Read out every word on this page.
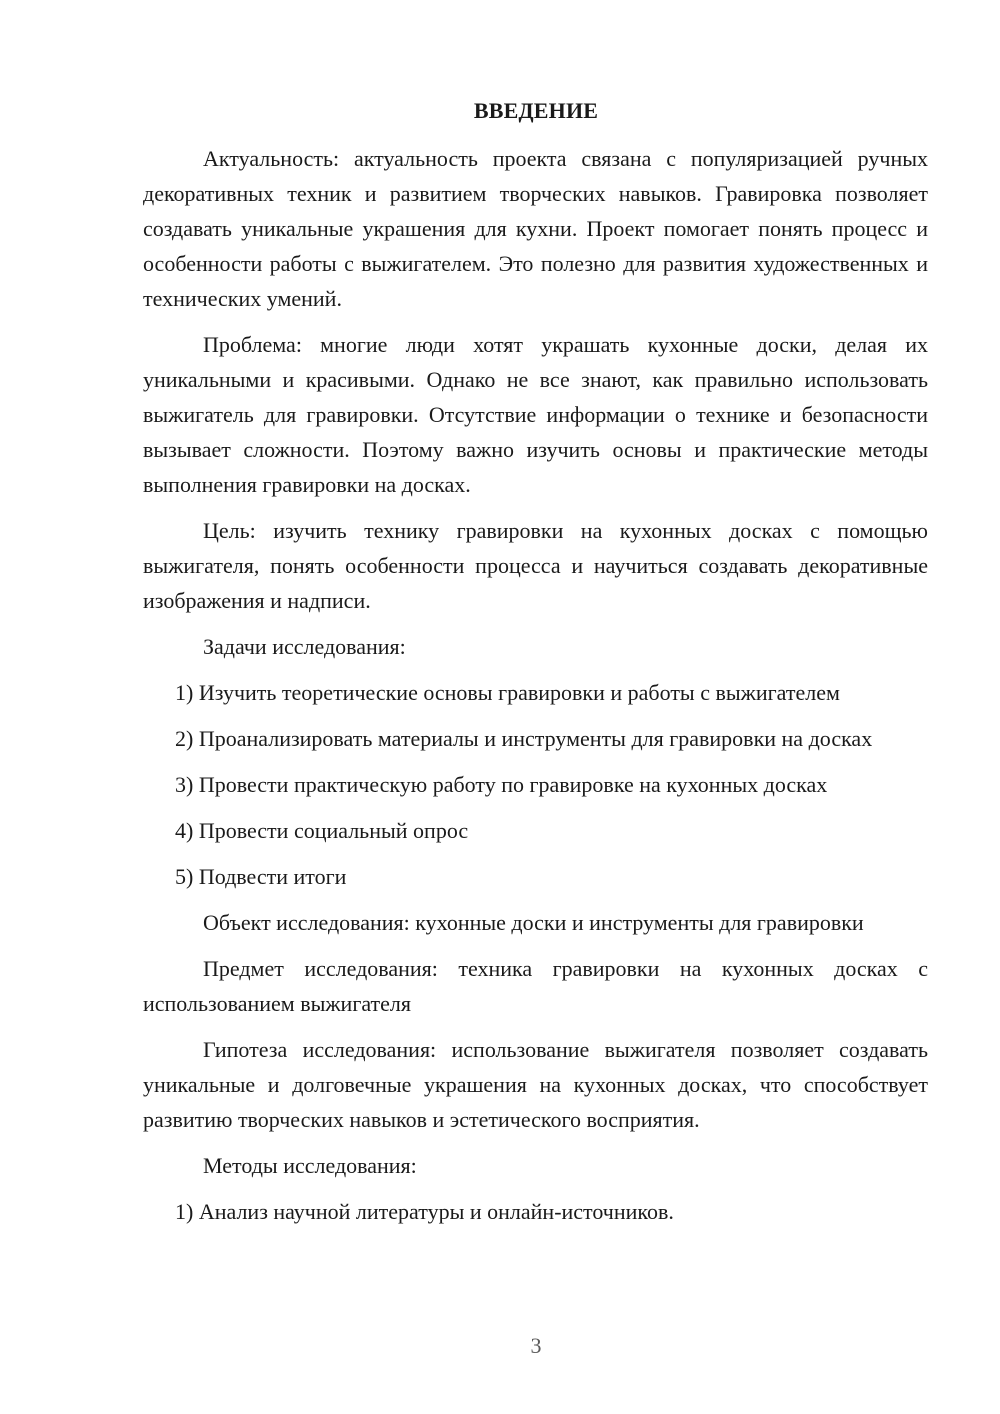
ВВЕДЕНИЕ

Актуальность: актуальность проекта связана с популяризацией ручных декоративных техник и развитием творческих навыков. Гравировка позволяет создавать уникальные украшения для кухни. Проект помогает понять процесс и особенности работы с выжигателем. Это полезно для развития художественных и технических умений.

Проблема: многие люди хотят украшать кухонные доски, делая их уникальными и красивыми. Однако не все знают, как правильно использовать выжигатель для гравировки. Отсутствие информации о технике и безопасности вызывает сложности. Поэтому важно изучить основы и практические методы выполнения гравировки на досках.

Цель: изучить технику гравировки на кухонных досках с помощью выжигателя, понять особенности процесса и научиться создавать декоративные изображения и надписи.

Задачи исследования:

1) Изучить теоретические основы гравировки и работы с выжигателем

2) Проанализировать материалы и инструменты для гравировки на досках

3) Провести практическую работу по гравировке на кухонных досках

4) Провести социальный опрос

5) Подвести итоги

Объект исследования: кухонные доски и инструменты для гравировки

Предмет исследования: техника гравировки на кухонных досках с использованием выжигателя

Гипотеза исследования: использование выжигателя позволяет создавать уникальные и долговечные украшения на кухонных досках, что способствует развитию творческих навыков и эстетического восприятия.

Методы исследования:

1) Анализ научной литературы и онлайн-источников.

3
